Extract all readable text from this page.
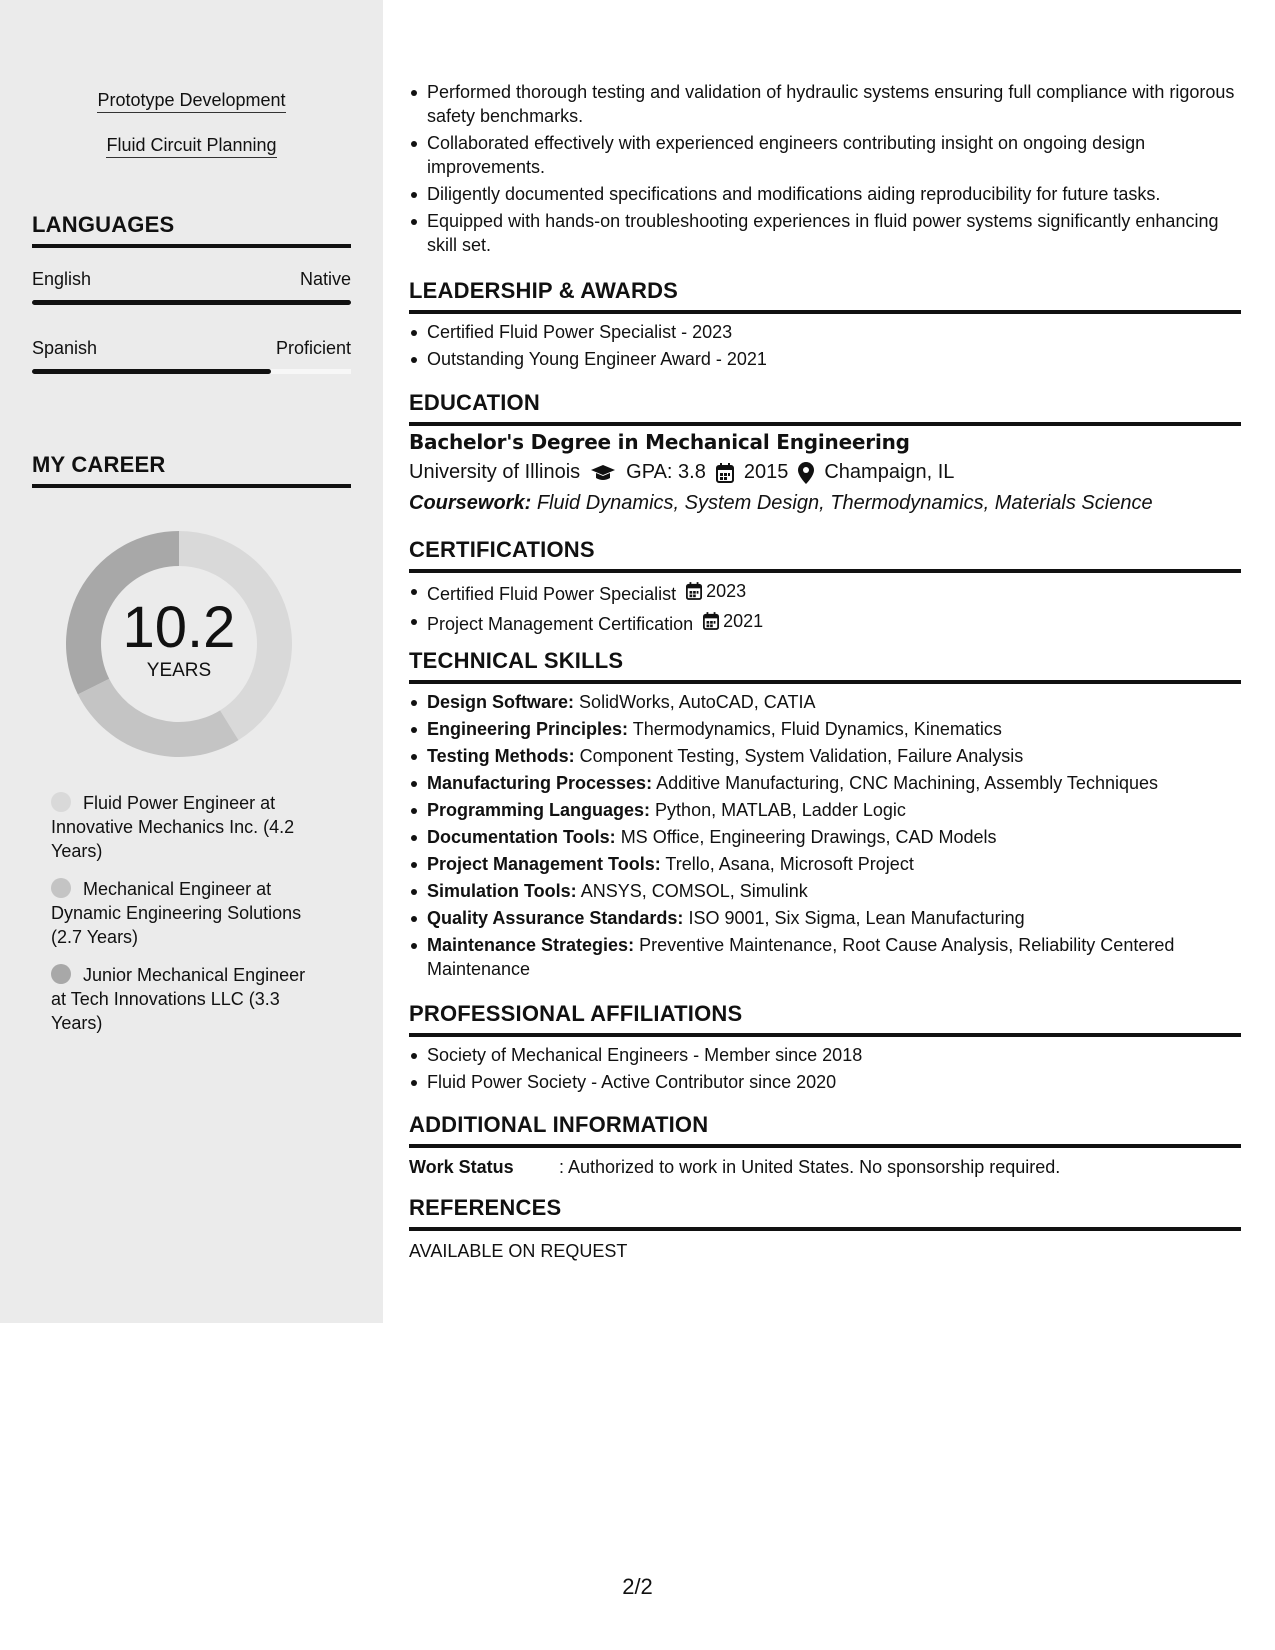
Prototype Development
Fluid Circuit Planning
LANGUAGES
English	Native
Spanish	Proficient
MY CAREER
10.2
YEARS
Fluid Power Engineer at Innovative Mechanics Inc. (4.2 Years)
Mechanical Engineer at Dynamic Engineering Solutions (2.7 Years)
Junior Mechanical Engineer at Tech Innovations LLC (3.3 Years)
Performed thorough testing and validation of hydraulic systems ensuring full compliance with rigorous safety benchmarks.
Collaborated effectively with experienced engineers contributing insight on ongoing design improvements.
Diligently documented specifications and modifications aiding reproducibility for future tasks.
Equipped with hands-on troubleshooting experiences in fluid power systems significantly enhancing skill set.
LEADERSHIP & AWARDS
Certified Fluid Power Specialist - 2023
Outstanding Young Engineer Award - 2021
EDUCATION
Bachelor's Degree in Mechanical Engineering
University of Illinois GPA: 3.8 2015 Champaign, IL
Coursework: Fluid Dynamics, System Design, Thermodynamics, Materials Science
CERTIFICATIONS
Certified Fluid Power Specialist 2023
Project Management Certification 2021
TECHNICAL SKILLS
Design Software: SolidWorks, AutoCAD, CATIA
Engineering Principles: Thermodynamics, Fluid Dynamics, Kinematics
Testing Methods: Component Testing, System Validation, Failure Analysis
Manufacturing Processes: Additive Manufacturing, CNC Machining, Assembly Techniques
Programming Languages: Python, MATLAB, Ladder Logic
Documentation Tools: MS Office, Engineering Drawings, CAD Models
Project Management Tools: Trello, Asana, Microsoft Project
Simulation Tools: ANSYS, COMSOL, Simulink
Quality Assurance Standards: ISO 9001, Six Sigma, Lean Manufacturing
Maintenance Strategies: Preventive Maintenance, Root Cause Analysis, Reliability Centered Maintenance
PROFESSIONAL AFFILIATIONS
Society of Mechanical Engineers - Member since 2018
Fluid Power Society - Active Contributor since 2020
ADDITIONAL INFORMATION
Work Status	: Authorized to work in United States. No sponsorship required.
REFERENCES
AVAILABLE ON REQUEST
2/2
